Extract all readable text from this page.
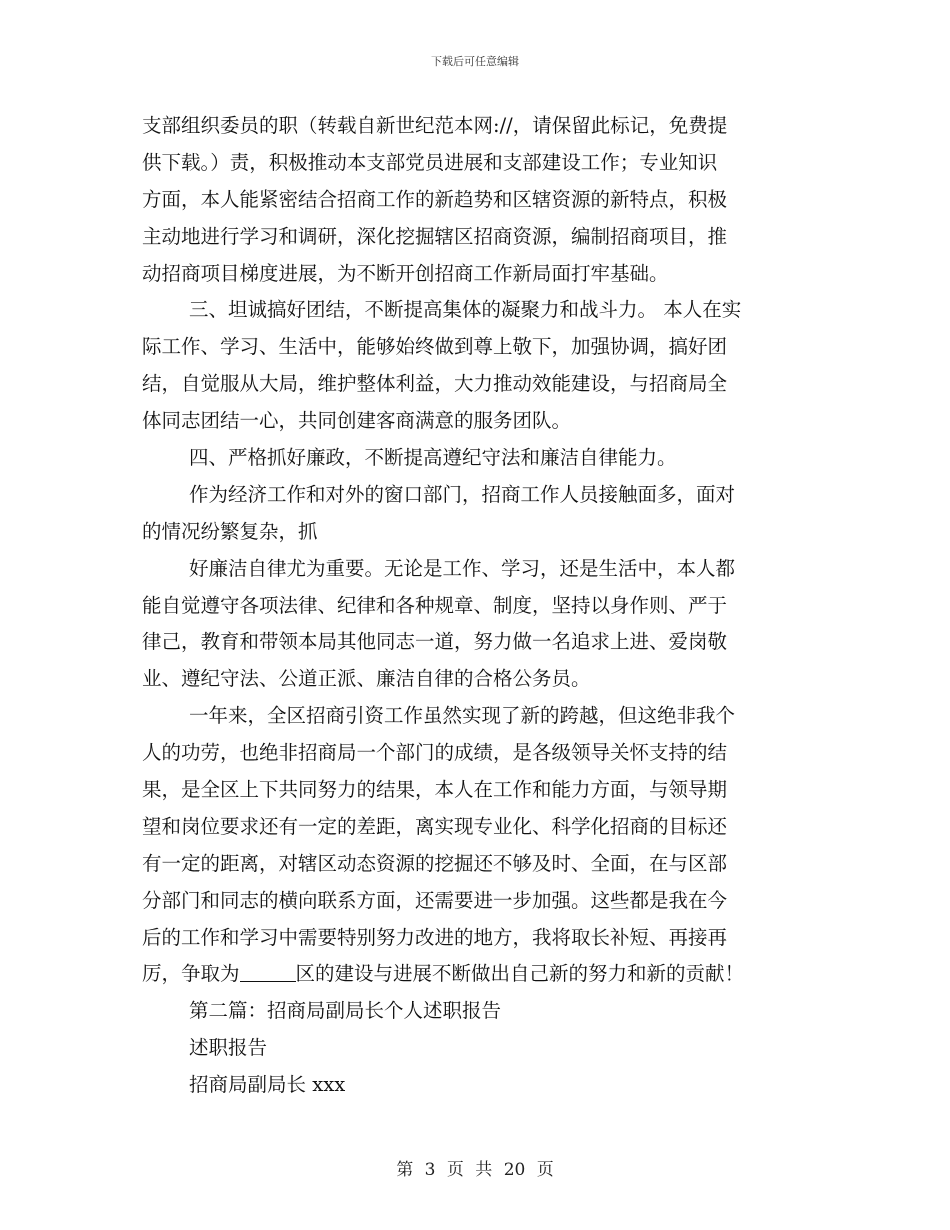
下载后可任意编辑
支部组织委员的职（转载自新世纪范本网://，请保留此标记，免费提
供下载。）责，积极推动本支部党员进展和支部建设工作；专业知识
方面，本人能紧密结合招商工作的新趋势和区辖资源的新特点，积极
主动地进行学习和调研，深化挖掘辖区招商资源，编制招商项目，推
动招商项目梯度进展，为不断开创招商工作新局面打牢基础。
三、坦诚搞好团结，不断提高集体的凝聚力和战斗力。 本人在实
际工作、学习、生活中，能够始终做到尊上敬下，加强协调，搞好团
结，自觉服从大局，维护整体利益，大力推动效能建设，与招商局全
体同志团结一心，共同创建客商满意的服务团队。
四、严格抓好廉政，不断提高遵纪守法和廉洁自律能力。
作为经济工作和对外的窗口部门，招商工作人员接触面多，面对
的情况纷繁复杂，抓
好廉洁自律尤为重要。无论是工作、学习，还是生活中，本人都
能自觉遵守各项法律、纪律和各种规章、制度，坚持以身作则、严于
律己，教育和带领本局其他同志一道，努力做一名追求上进、爱岗敬
业、遵纪守法、公道正派、廉洁自律的合格公务员。
一年来，全区招商引资工作虽然实现了新的跨越，但这绝非我个
人的功劳，也绝非招商局一个部门的成绩，是各级领导关怀支持的结
果，是全区上下共同努力的结果，本人在工作和能力方面，与领导期
望和岗位要求还有一定的差距，离实现专业化、科学化招商的目标还
有一定的距离，对辖区动态资源的挖掘还不够及时、全面，在与区部
分部门和同志的横向联系方面，还需要进一步加强。这些都是我在今
后的工作和学习中需要特别努力改进的地方，我将取长补短、再接再
厉，争取为	区的建设与进展不断做出自己新的努力和新的贡献！
第二篇：招商局副局长个人述职报告
述职报告
招商局副局长 xxx
第 3 页 共 20 页
